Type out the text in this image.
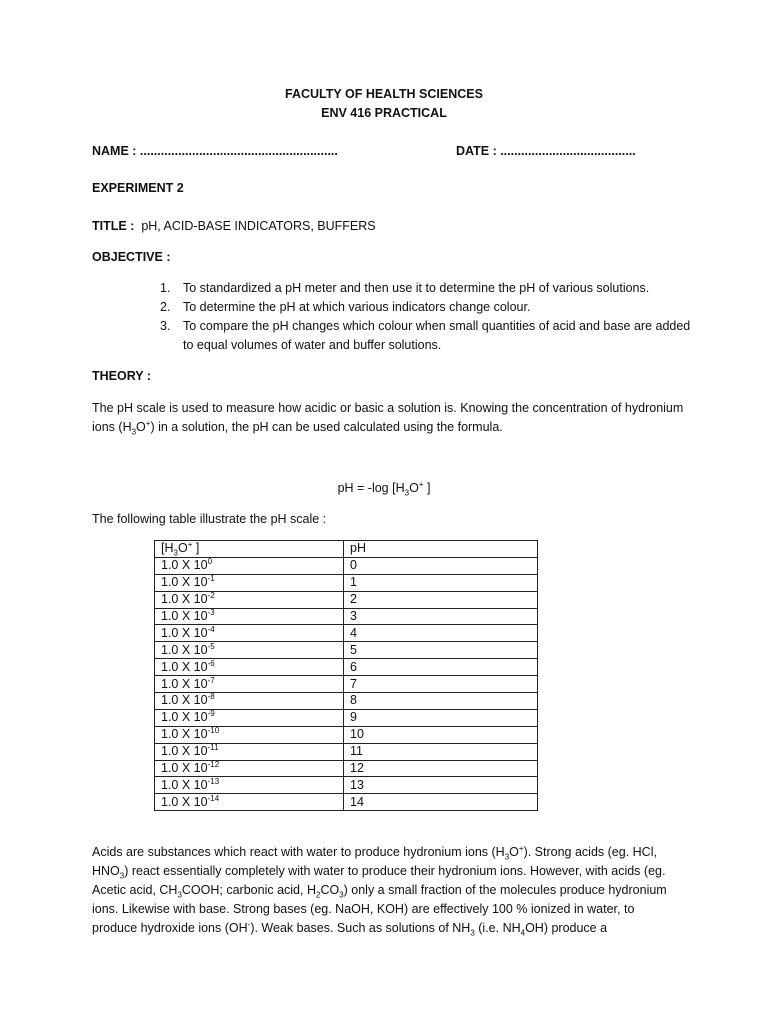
FACULTY OF HEALTH SCIENCES
ENV 416 PRACTICAL
NAME : .........................................................	DATE : .......................................
EXPERIMENT 2
TITLE : pH, ACID-BASE INDICATORS, BUFFERS
OBJECTIVE :
1. To standardized a pH meter and then use it to determine the pH of various solutions.
2. To determine the pH at which various indicators change colour.
3. To compare the pH changes which colour when small quantities of acid and base are added to equal volumes of water and buffer solutions.
THEORY :
The pH scale is used to measure how acidic or basic a solution is. Knowing the concentration of hydronium ions $(H_3O^+)$ in a solution, the pH can be used calculated using the formula.
pH = -log [$H_3O^+$ ]
The following table illustrate the pH scale :
[$H_3O^+$ ]	pH
1.0 X $10^0$	0
1.0 X $10^{-1}$	1
1.0 X $10^{-2}$	2
1.0 X $10^{-3}$	3
1.0 X $10^{-4}$	4
1.0 X $10^{-5}$	5
1.0 X $10^{-6}$	6
1.0 X $10^{-7}$	7
1.0 X $10^{-8}$	8
1.0 X $10^{-9}$	9
1.0 X $10^{-10}$	10
1.0 X $10^{-11}$	11
1.0 X $10^{-12}$	12
1.0 X $10^{-13}$	13
1.0 X $10^{-14}$	14
Acids are substances which react with water to produce hydronium ions $(H_3O^+)$. Strong acids (eg. HCl, $HNO_3$) react essentially completely with water to produce their hydronium ions. However, with acids (eg. Acetic acid, $CH_3COOH$; carbonic acid, $H_2CO_3$) only a small fraction of the molecules produce hydronium ions. Likewise with base. Strong bases (eg. NaOH, KOH) are effectively 100 % ionized in water, to produce hydroxide ions (OH-). Weak bases. Such as solutions of $NH_3$ (i.e. $NH_4OH$) produce a
